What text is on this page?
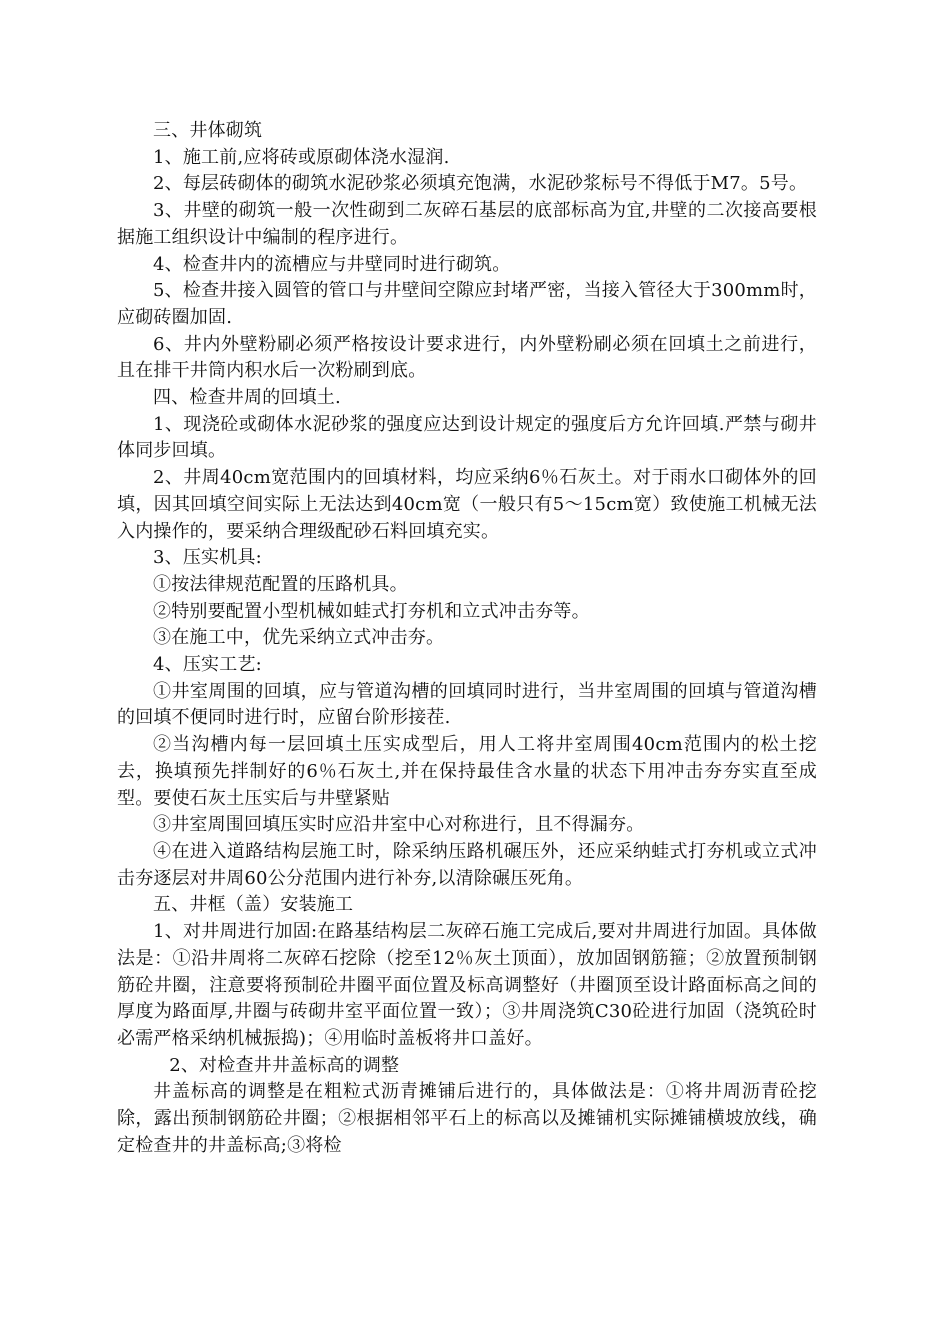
三、井体砌筑

1、施工前,应将砖或原砌体浇水湿润.

2、每层砖砌体的砌筑水泥砂浆必须填充饱满，水泥砂浆标号不得低于M7。5号。

3、井壁的砌筑一般一次性砌到二灰碎石基层的底部标高为宜,井壁的二次接高要根据施工组织设计中编制的程序进行。

4、检查井内的流槽应与井壁同时进行砌筑。

5、检查井接入圆管的管口与井壁间空隙应封堵严密，当接入管径大于300mm时，应砌砖圈加固.

6、井内外壁粉刷必须严格按设计要求进行，内外壁粉刷必须在回填土之前进行，且在排干井筒内积水后一次粉刷到底。

四、检查井周的回填土.

1、现浇砼或砌体水泥砂浆的强度应达到设计规定的强度后方允许回填.严禁与砌井体同步回填。

2、井周40cm宽范围内的回填材料，均应采纳6％石灰土。对于雨水口砌体外的回填，因其回填空间实际上无法达到40cm宽（一般只有5～15cm宽）致使施工机械无法入内操作的，要采纳合理级配砂石料回填充实。

3、压实机具:

①按法律规范配置的压路机具。

②特别要配置小型机械如蛙式打夯机和立式冲击夯等。

③在施工中，优先采纳立式冲击夯。

4、压实工艺:

①井室周围的回填，应与管道沟槽的回填同时进行，当井室周围的回填与管道沟槽的回填不便同时进行时，应留台阶形接茬.

②当沟槽内每一层回填土压实成型后，用人工将井室周围40cm范围内的松土挖去，换填预先拌制好的6％石灰土,并在保持最佳含水量的状态下用冲击夯夯实直至成型。要使石灰土压实后与井壁紧贴

③井室周围回填压实时应沿井室中心对称进行，且不得漏夯。

④在进入道路结构层施工时，除采纳压路机碾压外，还应采纳蛙式打夯机或立式冲击夯逐层对井周60公分范围内进行补夯,以清除碾压死角。

五、井框（盖）安装施工

1、对井周进行加固:在路基结构层二灰碎石施工完成后,要对井周进行加固。具体做法是：①沿井周将二灰碎石挖除（挖至12％灰土顶面），放加固钢筋箍；②放置预制钢筋砼井圈，注意要将预制砼井圈平面位置及标高调整好（井圈顶至设计路面标高之间的厚度为路面厚,井圈与砖砌井室平面位置一致）；③井周浇筑C30砼进行加固（浇筑砼时必需严格采纳机械振捣)；④用临时盖板将井口盖好。

2、对检查井井盖标高的调整

井盖标高的调整是在粗粒式沥青摊铺后进行的，具体做法是：①将井周沥青砼挖除，露出预制钢筋砼井圈；②根据相邻平石上的标高以及摊铺机实际摊铺横坡放线，确定检查井的井盖标高;③将检
